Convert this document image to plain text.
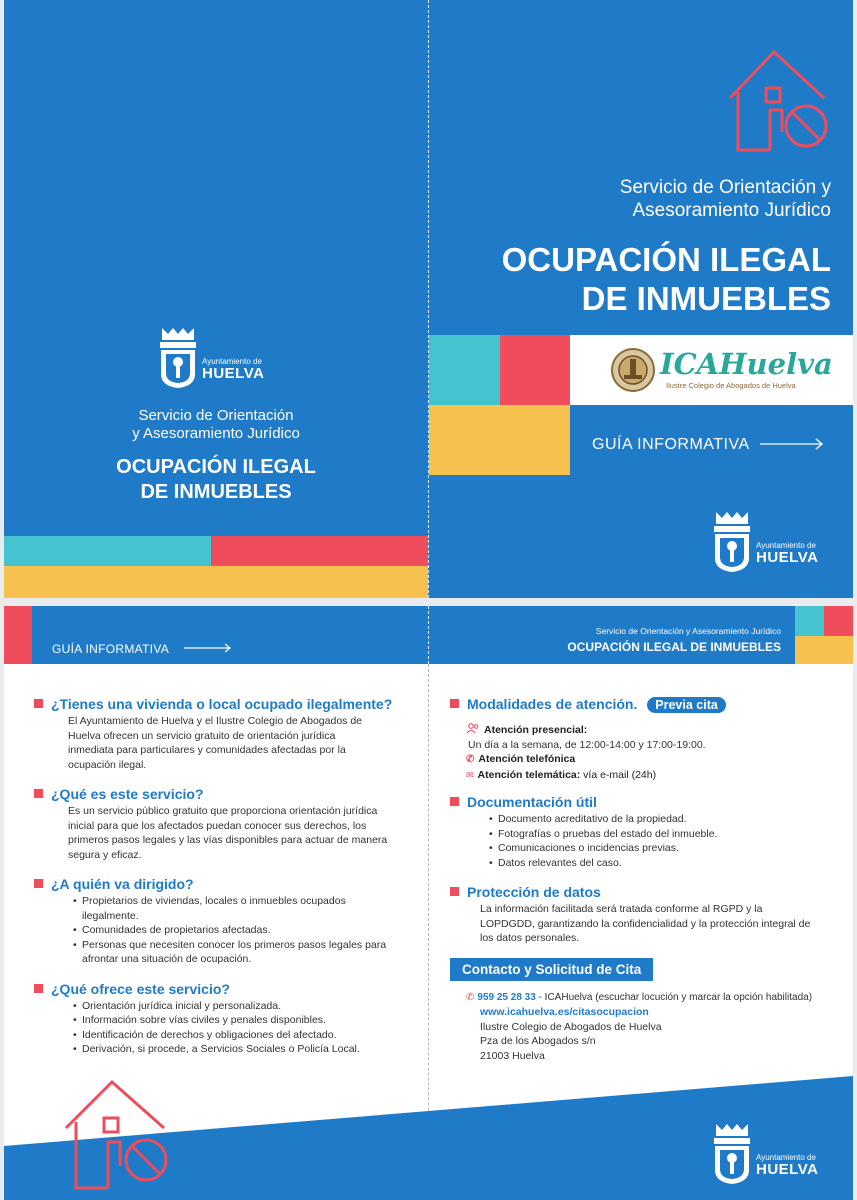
Servicio de Orientación y
Asesoramiento Jurídico
OCUPACIÓN ILEGAL
DE INMUEBLES
ICAHuelva
Ilustre Colegio de Abogados de Huelva
GUÍA INFORMATIVA
Ayuntamiento de
HUELVA
Ayuntamiento de
HUELVA
Servicio de Orientación
y Asesoramiento Jurídico
OCUPACIÓN ILEGAL
DE INMUEBLES
GUÍA INFORMATIVA
Servicio de Orientación y Asesoramiento Jurídico
OCUPACIÓN ILEGAL DE INMUEBLES
Ayuntamiento de
HUELVA
¿Tienes una vivienda o local ocupado ilegalmente?
El Ayuntamiento de Huelva y el Ilustre Colegio de Abogados de Huelva ofrecen un servicio gratuito de orientación jurídica inmediata para particulares y comunidades afectadas por la ocupación ilegal.
¿Qué es este servicio?
Es un servicio público gratuito que proporciona orientación jurídica inicial para que los afectados puedan conocer sus derechos, los primeros pasos legales y las vías disponibles para actuar de manera segura y eficaz.
¿A quién va dirigido?
• Propietarios de viviendas, locales o inmuebles ocupados ilegalmente.
• Comunidades de propietarios afectadas.
• Personas que necesiten conocer los primeros pasos legales para afrontar una situación de ocupación.
¿Qué ofrece este servicio?
• Orientación jurídica inicial y personalizada.
• Información sobre vías civiles y penales disponibles.
• Identificación de derechos y obligaciones del afectado.
• Derivación, si procede, a Servicios Sociales o Policía Local.
Modalidades de atención. Previa cita
Atención presencial:
Un día a la semana, de 12:00-14:00 y 17:00-19:00.
✆ Atención telefónica
✉ Atención telemática: vía e-mail (24h)
Documentación útil
• Documento acreditativo de la propiedad.
• Fotografías o pruebas del estado del inmueble.
• Comunicaciones o incidencias previas.
• Datos relevantes del caso.
Protección de datos
La información facilitada será tratada conforme al RGPD y la LOPDGDD, garantizando la confidencialidad y la protección integral de los datos personales.
Contacto y Solicitud de Cita
✆ 959 25 28 33 - ICAHuelva (escuchar locución y marcar la opción habilitada)
www.icahuelva.es/citasocupacion
Ilustre Colegio de Abogados de Huelva
Pza de los Abogados s/n
21003 Huelva
